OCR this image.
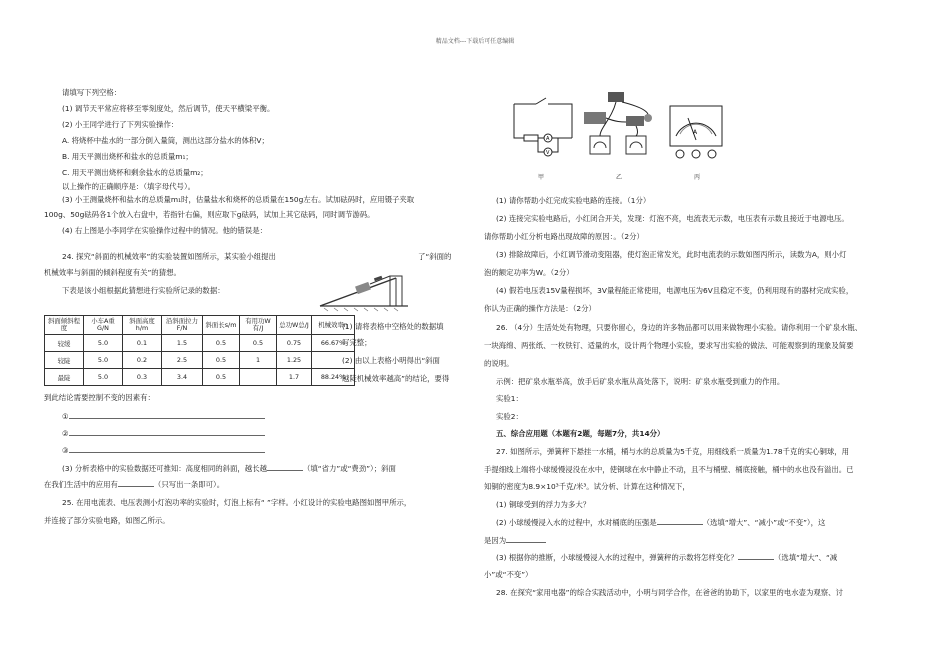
精品文档---下载后可任意编辑
请填写下列空格：
(1) 调节天平常应将移至零刻度处，然后调节，使天平横梁平衡。
(2) 小王同学进行了下列实验操作：
A. 将烧杯中盐水的一部分倒入量筒，测出这部分盐水的体积V；
B. 用天平测出烧杯和盐水的总质量m₁；
C. 用天平测出烧杯和剩余盐水的总质量m₂；
以上操作的正确顺序是：（填字母代号）。
(3) 小王测量烧杯和盐水的总质量m₁时，估量盐水和烧杯的总质量在150g左右。试加砝码时，应用镊子夹取
100g、50g砝码各1个放入右盘中，若指针右偏，则应取下g砝码，试加上其它砝码，同时调节游码。
(4) 右上图是小李同学在实验操作过程中的情况。他的错误是：
24. 探究“斜面的机械效率”的实验装置如图所示，某实验小组提出	了“斜面的
机械效率与斜面的倾斜程度有关”的猜想。
下表是该小组根据此猜想进行实验所记录的数据：
斜面倾斜程度	小车A重G/N	斜面高度h/m	沿斜面拉力F/N	斜面长s/m	有用功W有/J	总功W总/J	机械效率η
较缓	5.0	0.1	1.5	0.5	0.5	0.75	66.67%
较陡	5.0	0.2	2.5	0.5	1	1.25	
最陡	5.0	0.3	3.4	0.5		1.7	88.24%
(1) 请将表格中空格处的数据填
写完整；
(2) 由以上表格小明得出“斜面
越陡机械效率越高”的结论，要得
到此结论需要控制不变的因素有：
①
②
③
(3) 分析表格中的实验数据还可推知：高度相同的斜面，越长越	（填“省力”或“费劲”）；斜面
在我们生活中的应用有	（只写出一条即可）。
25. 在用电流表、电压表测小灯泡功率的实验时，灯泡上标有“ ”字样。小红设计的实验电路图如图甲所示，
并连接了部分实验电路，如图乙所示。
V
A
A
甲	乙	丙
(1) 请你帮助小红完成实验电路的连接。（1分）
(2) 连接完实验电路后，小红闭合开关，发现：灯泡不亮，电流表无示数，电压表有示数且接近于电源电压。
请你帮助小红分析电路出现故障的原因：。（2分）
(3) 排除故障后，小红调节滑动变阻器，使灯泡正常发光，此时电流表的示数如图丙所示，读数为A，则小灯
泡的额定功率为W。（2分）
(4) 假若电压表15V量程损坏，3V量程能正常使用，电源电压为6V且稳定不变，仍利用现有的器材完成实验，
你认为正确的操作方法是：（2分）
26. （4分）生活处处有物理，只要你留心，身边的许多物品都可以用来做物理小实验。请你利用一个矿泉水瓶、
一块海绵、两张纸、一枚铁钉、适量的水，设计两个物理小实验，要求写出实验的做法、可能观察到的现象及简要
的说明。
示例：把矿泉水瓶举高，放手后矿泉水瓶从高处落下，说明：矿泉水瓶受到重力的作用。
实验1：
实验2：
五、综合应用题（本题有2题，每题7分，共14分）
27. 如图所示，弹簧秤下悬挂一水桶，桶与水的总质量为5千克，用细线系一质量为1.78千克的实心铜球，用
手提细线上端将小球缓慢浸没在水中，使铜球在水中静止不动，且不与桶壁、桶底接触，桶中的水也没有溢出。已
知铜的密度为8.9×10³千克/米³。试分析、计算在这种情况下，
(1) 铜球受到的浮力为多大？
(2) 小球缓慢浸入水的过程中，水对桶底的压强是	（选填“增大”、“减小”或“不变”），这
是因为
(3) 根据你的推断，小球缓慢浸入水的过程中，弹簧秤的示数将怎样变化？	（选填“增大”、“减
小”或“不变”）
28. 在探究“家用电器”的综合实践活动中，小明与同学合作，在爸爸的协助下，以家里的电水壶为观察、讨
